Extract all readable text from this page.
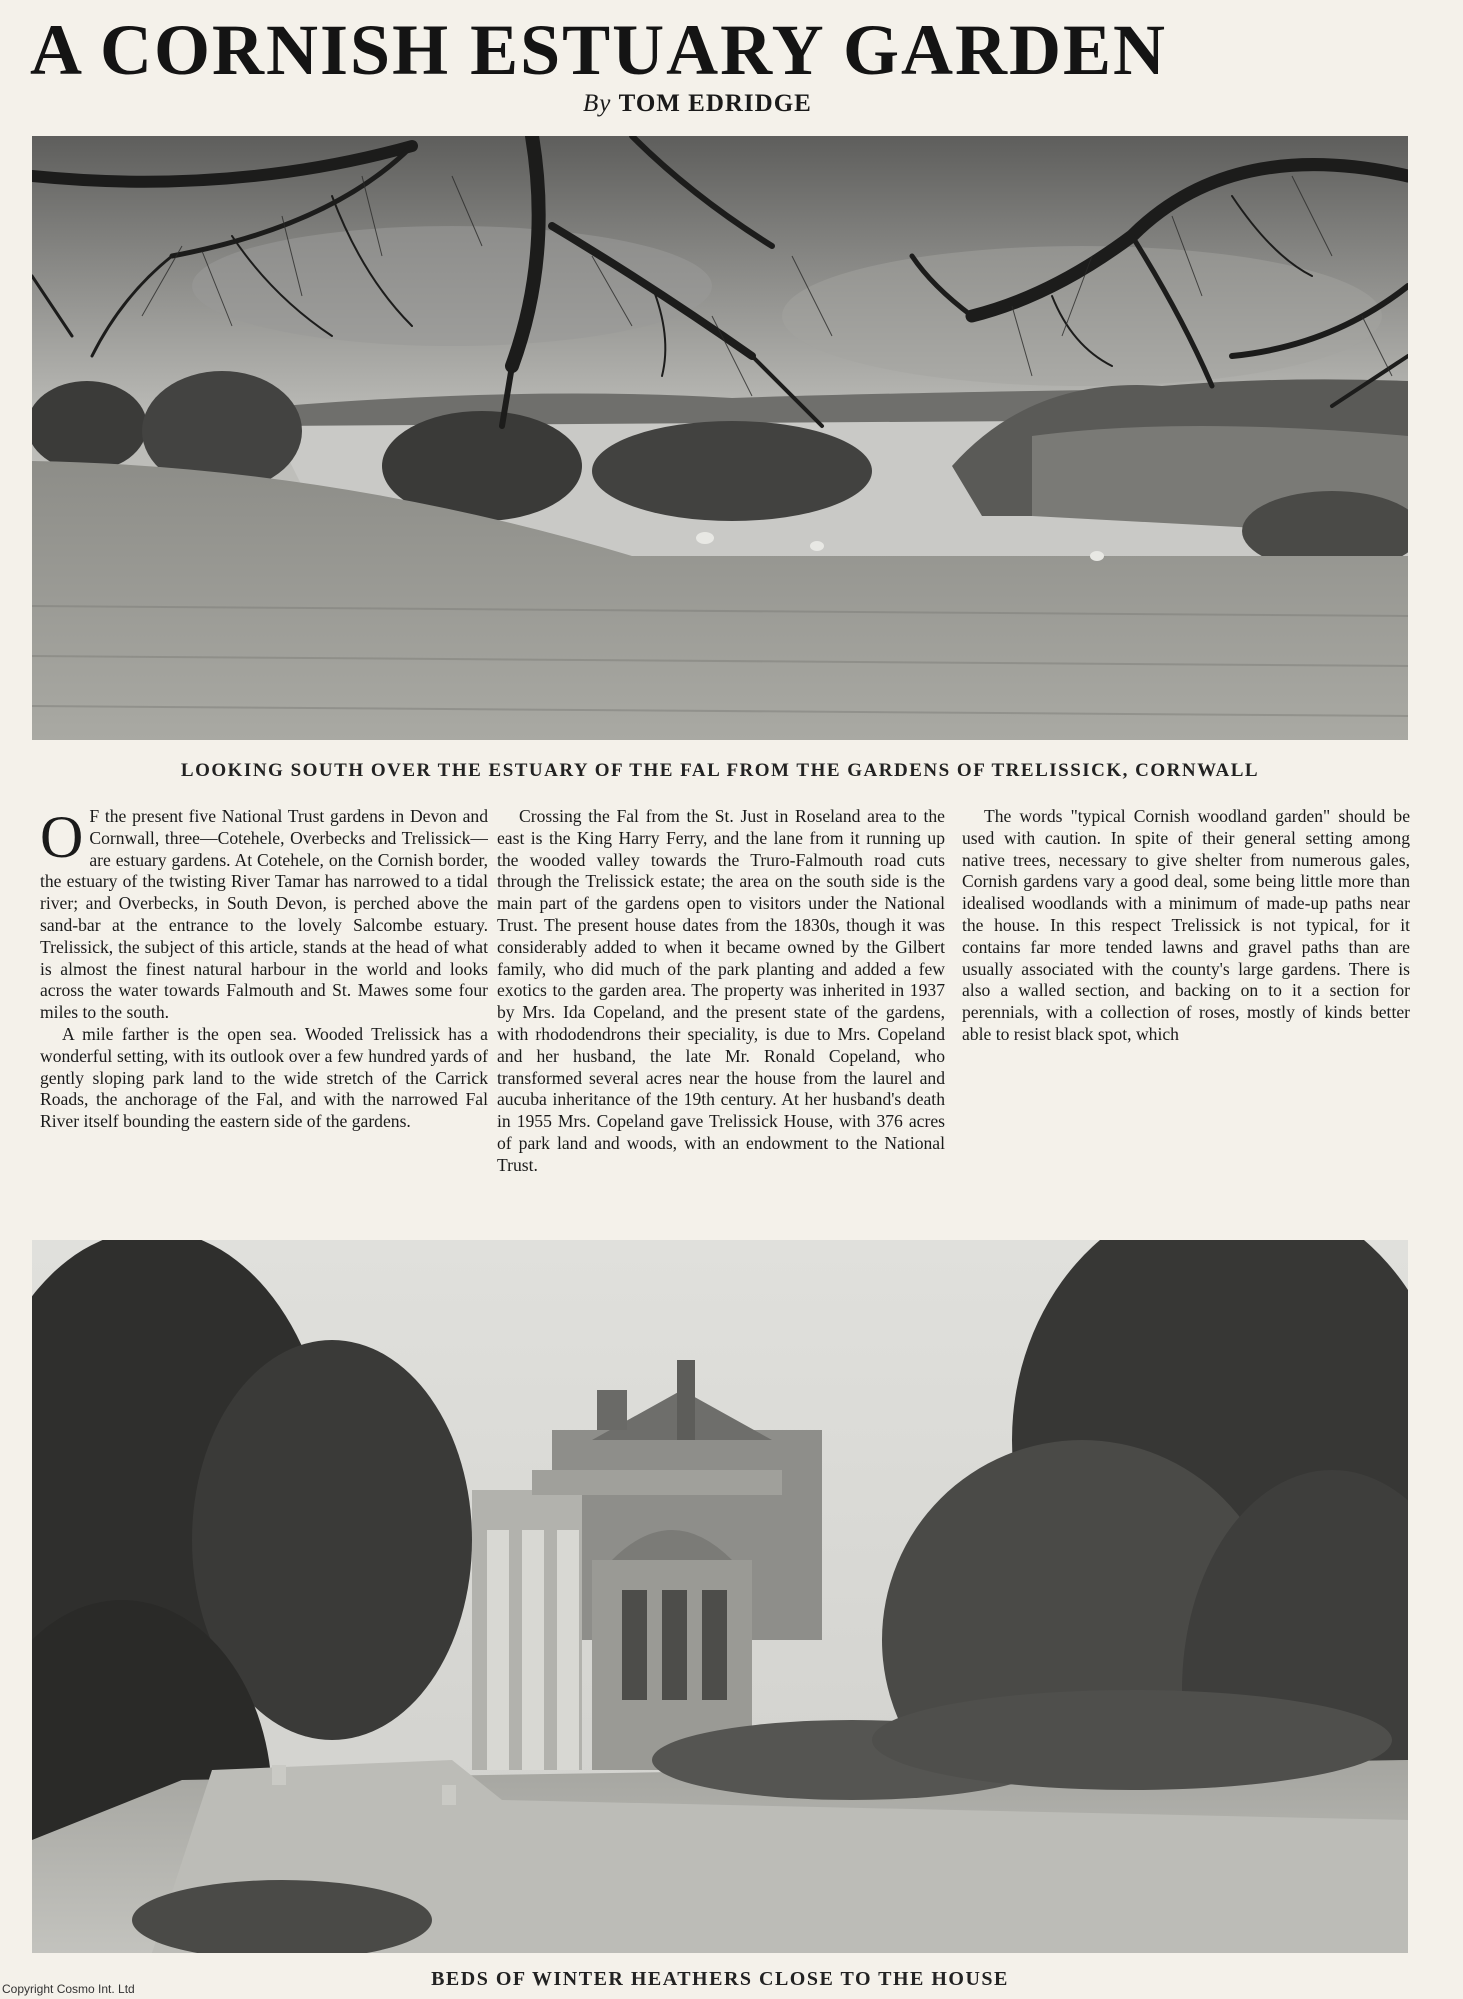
A CORNISH ESTUARY GARDEN
By TOM EDRIDGE
LOOKING SOUTH OVER THE ESTUARY OF THE FAL FROM THE GARDENS OF TRELISSICK, CORNWALL

O F the present five National Trust gardens in Devon and Cornwall, three—Cotehele, Overbecks and Trelissick—are estuary gardens. At Cotehele, on the Cornish border, the estuary of the twisting River Tamar has narrowed to a tidal river; and Overbecks, in South Devon, is perched above the sand-bar at the entrance to the lovely Salcombe estuary. Trelissick, the subject of this article, stands at the head of what is almost the finest natural harbour in the world and looks across the water towards Falmouth and St. Mawes some four miles to the south.

A mile farther is the open sea. Wooded Trelissick has a wonderful setting, with its outlook over a few hundred yards of gently sloping park land to the wide stretch of the Carrick Roads, the anchorage of the Fal, and with the narrowed Fal River itself bounding the eastern side of the gardens.

Crossing the Fal from the St. Just in Roseland area to the east is the King Harry Ferry, and the lane from it running up the wooded valley towards the Truro-Falmouth road cuts through the Trelissick estate; the area on the south side is the main part of the gardens open to visitors under the National Trust. The present house dates from the 1830s, though it was considerably added to when it became owned by the Gilbert family, who did much of the park planting and added a few exotics to the garden area. The property was inherited in 1937 by Mrs. Ida Copeland, and the present state of the gardens, with rhododendrons their speciality, is due to Mrs. Copeland and her husband, the late Mr. Ronald Copeland, who transformed several acres near the house from the laurel and aucuba inheritance of the 19th century. At her husband's death in 1955 Mrs. Copeland gave Trelissick House, with 376 acres of park land and woods, with an endowment to the National Trust.

The words "typical Cornish woodland garden" should be used with caution. In spite of their general setting among native trees, necessary to give shelter from numerous gales, Cornish gardens vary a good deal, some being little more than idealised woodlands with a minimum of made-up paths near the house. In this respect Trelissick is not typical, for it contains far more tended lawns and gravel paths than are usually associated with the county's large gardens. There is also a walled section, and backing on to it a section for perennials, with a collection of roses, mostly of kinds better able to resist black spot, which

BEDS OF WINTER HEATHERS CLOSE TO THE HOUSE
Copyright Cosmo Int. Ltd
